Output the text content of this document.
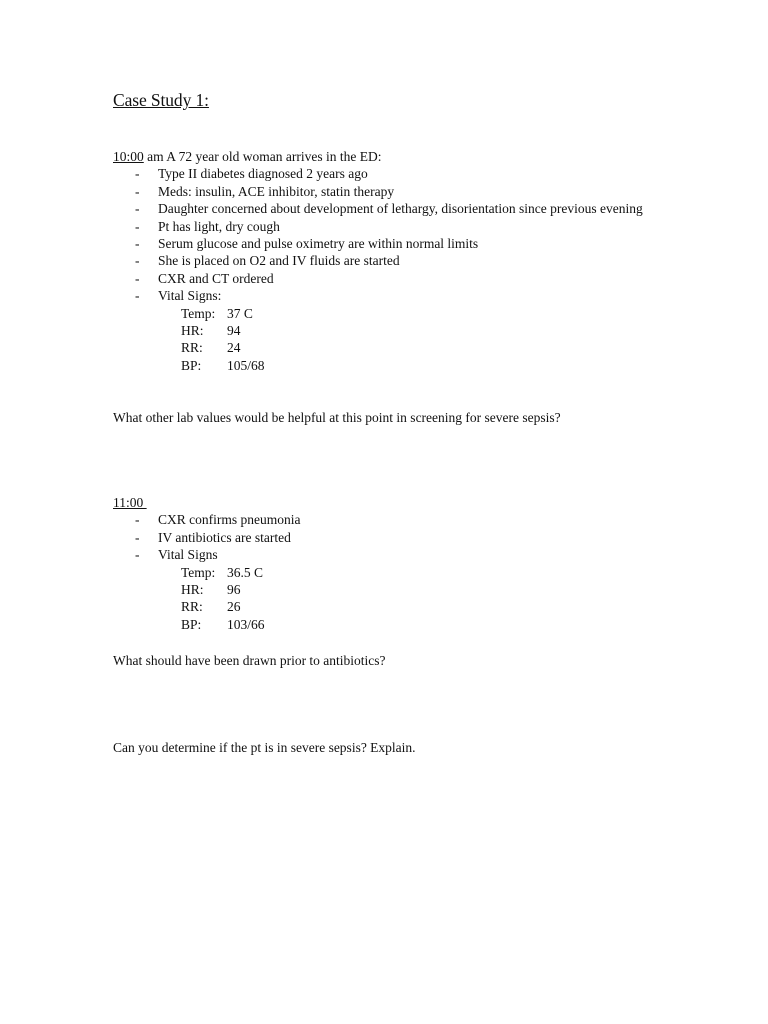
Case Study 1:
10:00 am A 72 year old woman arrives in the ED:
- Type II diabetes diagnosed 2 years ago
- Meds: insulin, ACE inhibitor, statin therapy
- Daughter concerned about development of lethargy, disorientation since previous evening
- Pt has light, dry cough
- Serum glucose and pulse oximetry are within normal limits
- She is placed on O2 and IV fluids are started
- CXR and CT ordered
- Vital Signs:
Temp: 37 C
HR:	94
RR:	24
BP:	105/68
What other lab values would be helpful at this point in screening for severe sepsis?
11:00
- CXR confirms pneumonia
- IV antibiotics are started
- Vital Signs
Temp: 36.5 C
HR:	96
RR:	26
BP:	103/66
What should have been drawn prior to antibiotics?
Can you determine if the pt is in severe sepsis? Explain.
